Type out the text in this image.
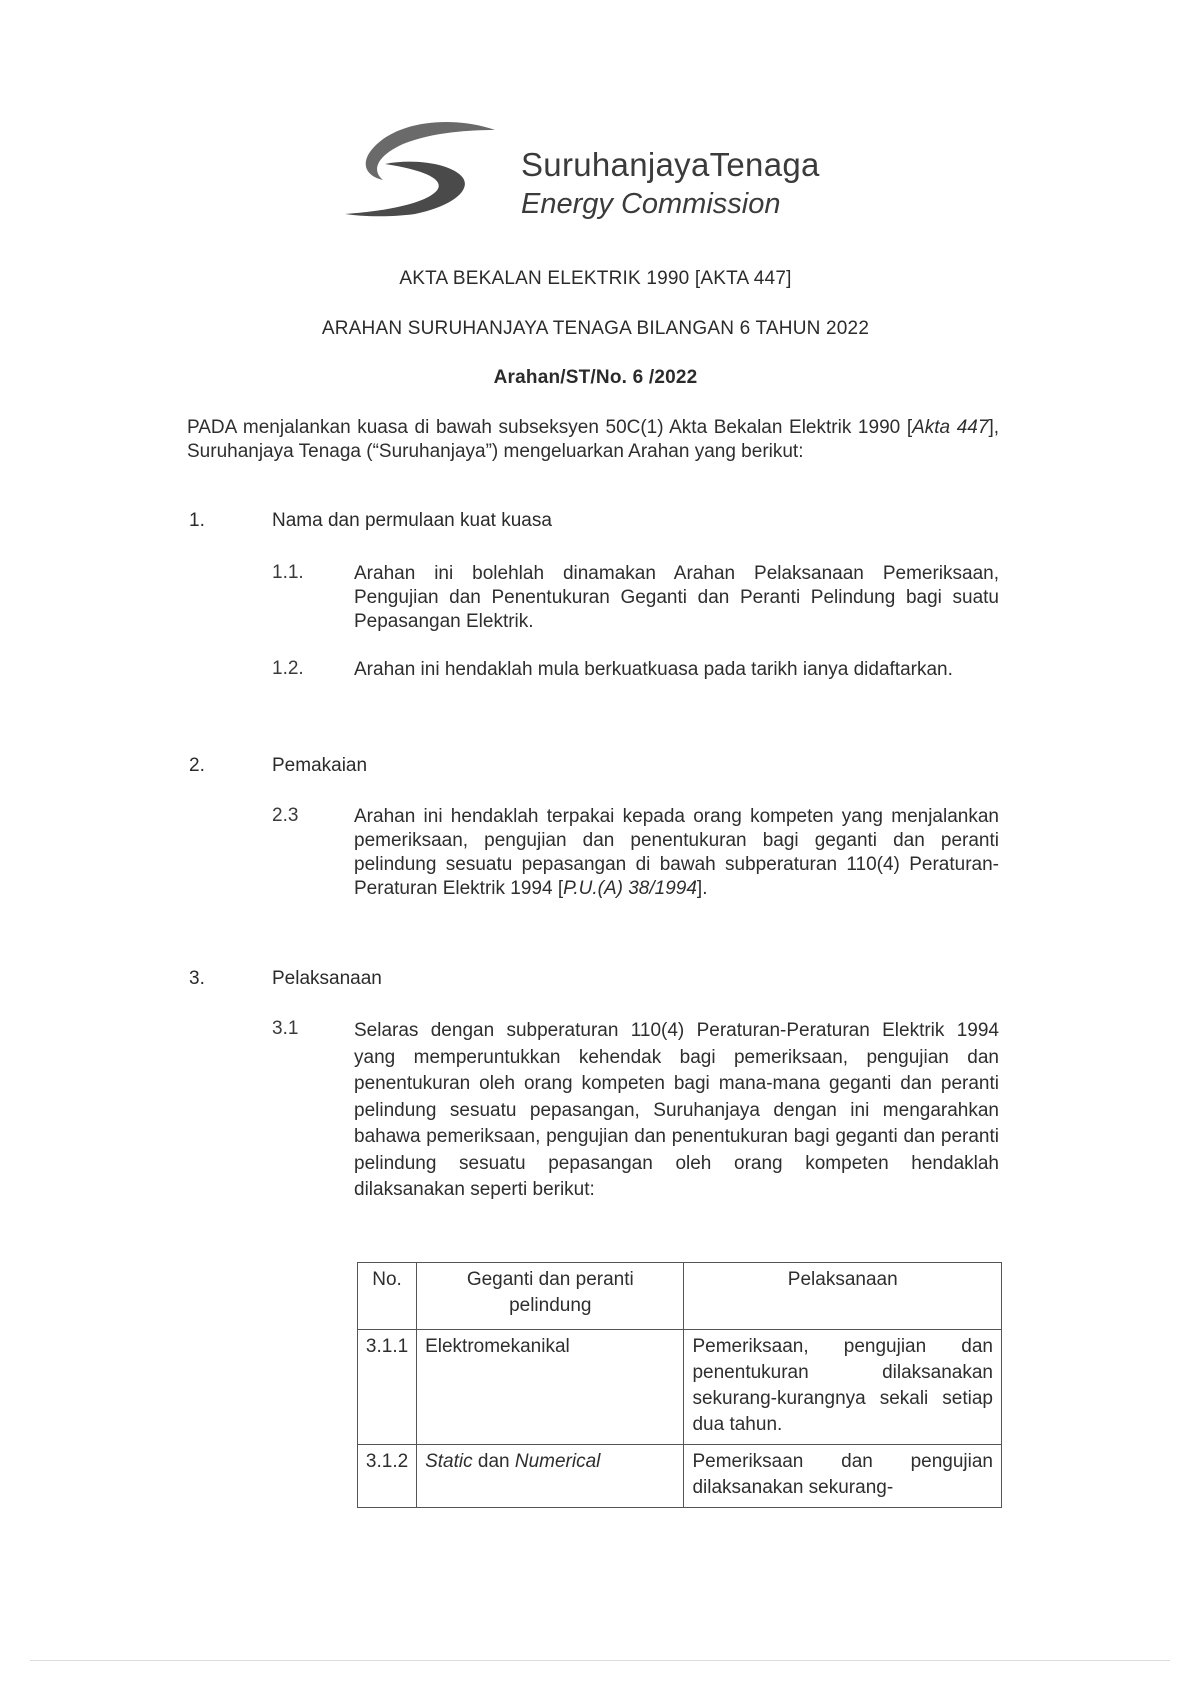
SuruhanjayaTenaga
Energy Commission
AKTA BEKALAN ELEKTRIK 1990 [AKTA 447]
ARAHAN SURUHANJAYA TENAGA BILANGAN 6 TAHUN 2022
Arahan/ST/No. 6 /2022
PADA menjalankan kuasa di bawah subseksyen 50C(1) Akta Bekalan Elektrik 1990 [Akta 447], Suruhanjaya Tenaga (“Suruhanjaya”) mengeluarkan Arahan yang berikut:
1.	Nama dan permulaan kuat kuasa
1.1.	Arahan ini bolehlah dinamakan Arahan Pelaksanaan Pemeriksaan, Pengujian dan Penentukuran Geganti dan Peranti Pelindung bagi suatu Pepasangan Elektrik.
1.2.	Arahan ini hendaklah mula berkuatkuasa pada tarikh ianya didaftarkan.
2.	Pemakaian
2.3	Arahan ini hendaklah terpakai kepada orang kompeten yang menjalankan pemeriksaan, pengujian dan penentukuran bagi geganti dan peranti pelindung sesuatu pepasangan di bawah subperaturan 110(4) Peraturan-Peraturan Elektrik 1994 [P.U.(A) 38/1994].
3.	Pelaksanaan
3.1	Selaras dengan subperaturan 110(4) Peraturan-Peraturan Elektrik 1994 yang memperuntukkan kehendak bagi pemeriksaan, pengujian dan penentukuran oleh orang kompeten bagi mana-mana geganti dan peranti pelindung sesuatu pepasangan, Suruhanjaya dengan ini mengarahkan bahawa pemeriksaan, pengujian dan penentukuran bagi geganti dan peranti pelindung sesuatu pepasangan oleh orang kompeten hendaklah dilaksanakan seperti berikut:
No.	Geganti dan peranti pelindung	Pelaksanaan
3.1.1	Elektromekanikal	Pemeriksaan, pengujian dan penentukuran dilaksanakan sekurang-kurangnya sekali setiap dua tahun.
3.1.2	Static dan Numerical	Pemeriksaan dan pengujian dilaksanakan sekurang-
